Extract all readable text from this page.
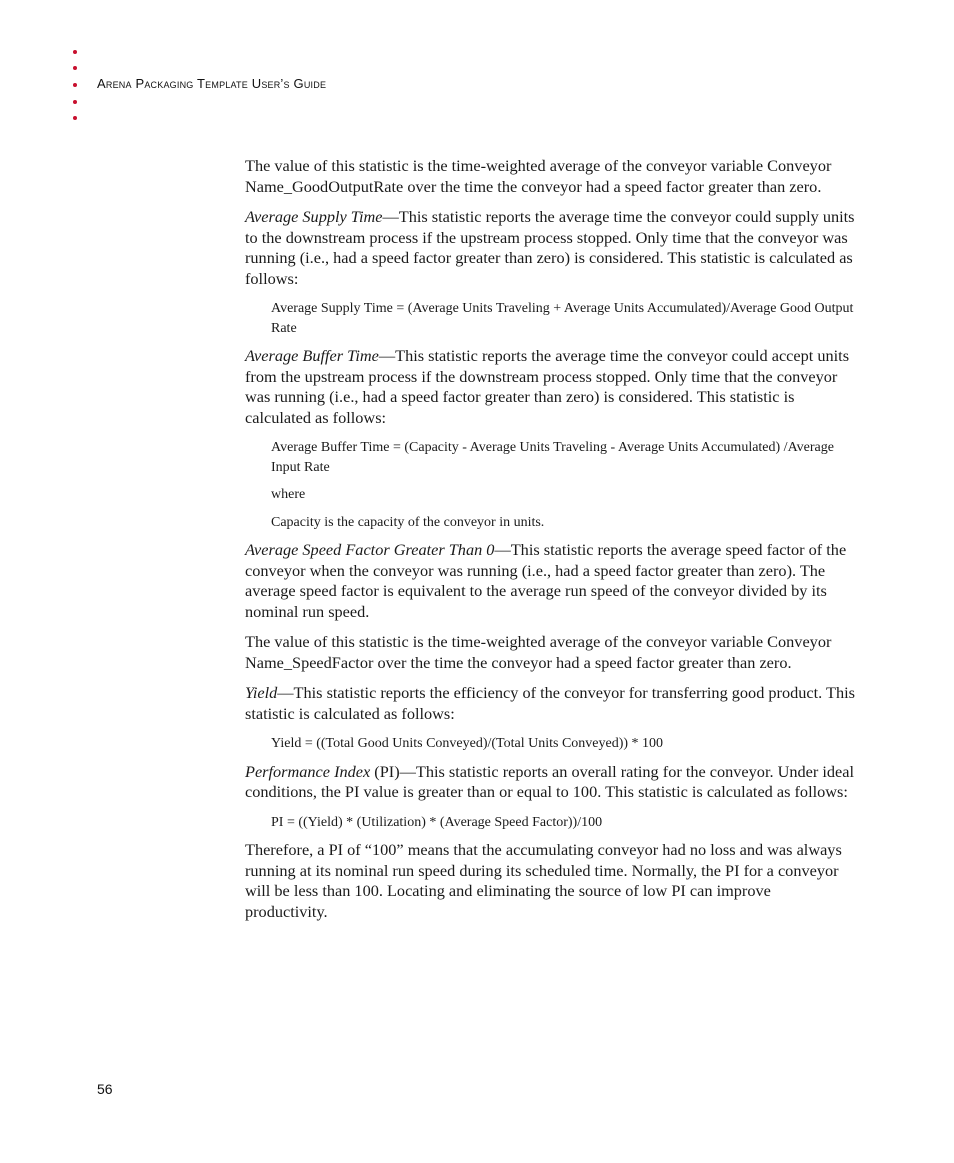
Arena Packaging Template User’s Guide

The value of this statistic is the time-weighted average of the conveyor variable Conveyor Name_GoodOutputRate over the time the conveyor had a speed factor greater than zero.

Average Supply Time—This statistic reports the average time the conveyor could supply units to the downstream process if the upstream process stopped. Only time that the conveyor was running (i.e., had a speed factor greater than zero) is considered. This statistic is calculated as follows:

Average Supply Time = (Average Units Traveling + Average Units Accumulated)/Average Good Output Rate

Average Buffer Time—This statistic reports the average time the conveyor could accept units from the upstream process if the downstream process stopped. Only time that the conveyor was running (i.e., had a speed factor greater than zero) is considered. This statistic is calculated as follows:

Average Buffer Time = (Capacity - Average Units Traveling - Average Units Accumulated) /Average Input Rate

where

Capacity is the capacity of the conveyor in units.

Average Speed Factor Greater Than 0—This statistic reports the average speed factor of the conveyor when the conveyor was running (i.e., had a speed factor greater than zero). The average speed factor is equivalent to the average run speed of the conveyor divided by its nominal run speed.

The value of this statistic is the time-weighted average of the conveyor variable Conveyor Name_SpeedFactor over the time the conveyor had a speed factor greater than zero.

Yield—This statistic reports the efficiency of the conveyor for transferring good product. This statistic is calculated as follows:

Yield = ((Total Good Units Conveyed)/(Total Units Conveyed)) * 100

Performance Index (PI)—This statistic reports an overall rating for the conveyor. Under ideal conditions, the PI value is greater than or equal to 100. This statistic is calculated as follows:

PI = ((Yield) * (Utilization) * (Average Speed Factor))/100

Therefore, a PI of “100” means that the accumulating conveyor had no loss and was always running at its nominal run speed during its scheduled time. Normally, the PI for a conveyor will be less than 100. Locating and eliminating the source of low PI can improve productivity.

56
